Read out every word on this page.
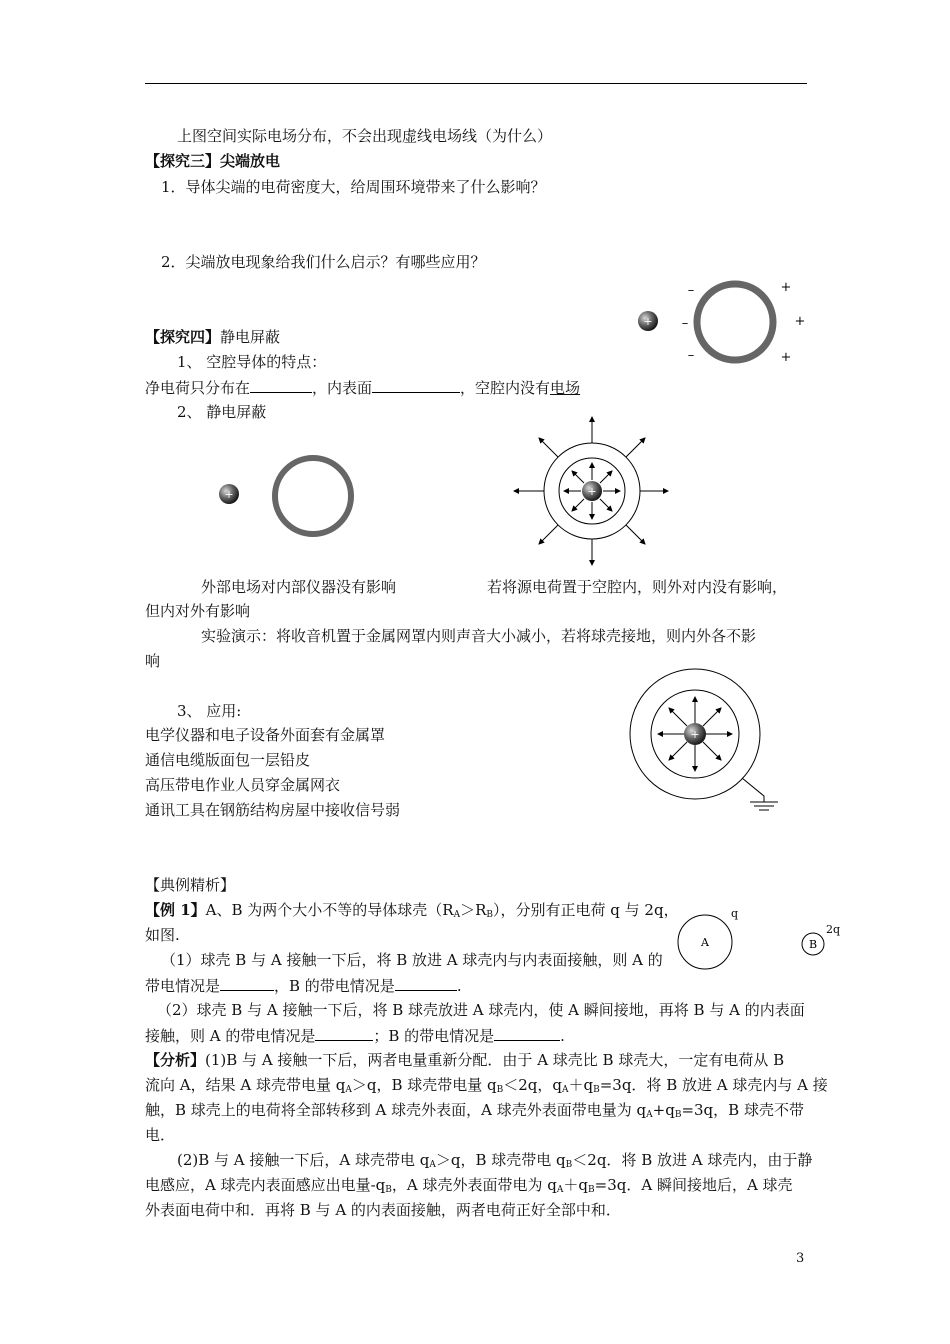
上图空间实际电场分布，不会出现虚线电场线（为什么）
【探究三】尖端放电
1．导体尖端的电荷密度大，给周围环境带来了什么影响？
2．尖端放电现象给我们什么启示？有哪些应用？
+
–
–
–
+
+
+
【探究四】静电屏蔽
1、 空腔导体的特点：
净电荷只分布在	，内表面	，空腔内没有电场
2、 静电屏蔽
+	+
外部电场对内部仪器没有影响	若将源电荷置于空腔内，则外对内没有影响，
但内对外有影响
实验演示：将收音机置于金属网罩内则声音大小减小，若将球壳接地，则内外各不影
响
+
3、 应用:
电学仪器和电子设备外面套有金属罩
通信电缆版面包一层铅皮
高压带电作业人员穿金属网衣
通讯工具在钢筋结构房屋中接收信号弱
【典例精析】
【例 1】A、B 为两个大小不等的导体球壳$(R_A>R_B)$，分别有正电荷 q 与 2q，
如图.	A
q
B
2q
（1）球壳 B 与 A 接触一下后，将 B 放进 A 球壳内与内表面接触，则 A 的
带电情况是	，B 的带电情况是	.
（2）球壳 B 与 A 接触一下后，将 B 球壳放进 A 球壳内，使 A 瞬间接地，再将 B 与 A 的内表面
接触，则 A 的带电情况是	；B 的带电情况是	.
【分析】(1)B 与 A 接触一下后，两者电量重新分配．由于 A 球壳比 B 球壳大，一定有电荷从 B
流向 A，结果 A 球壳带电量 $q_A>q$，B 球壳带电量 $q_B<2q$，$q_A+q_B=3q$．将 B 放进 A 球壳内与 A 接
触，B 球壳上的电荷将全部转移到 A 球壳外表面，A 球壳外表面带电量为 $q_A+q_B=3q$，B 球壳不带
电．
(2)B 与 A 接触一下后，A 球壳带电 $q_A>q$，B 球壳带电 $q_B<2q$．将 B 放进 A 球壳内，由于静
电感应，A 球壳内表面感应出电量$-q_B$，A 球壳外表面带电为 $q_A+q_B=3q$．A 瞬间接地后，A 球壳
外表面电荷中和．再将 B 与 A 的内表面接触，两者电荷正好全部中和．
3
